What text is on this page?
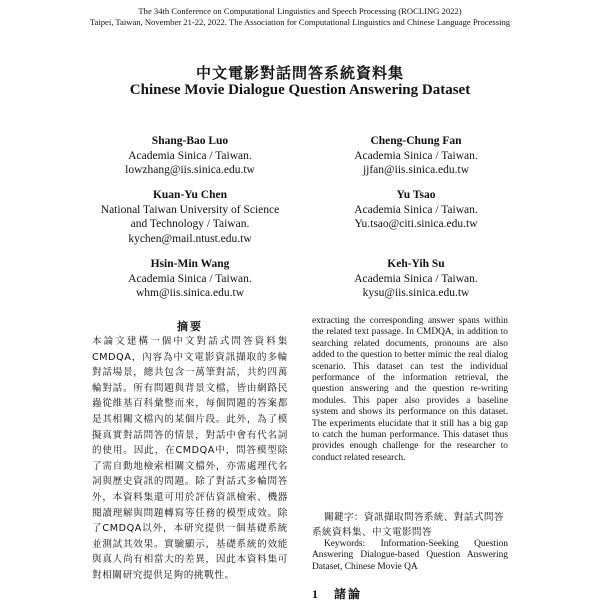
The 34th Conference on Computational Linguistics and Speech Processing (ROCLING 2022)
Taipei, Taiwan, November 21-22, 2022. The Association for Computational Linguistics and Chinese Language Processing
中文電影對話問答系統資料集
Chinese Movie Dialogue Question Answering Dataset
Shang-Bao Luo
Academia Sinica / Taiwan.
lowzhang@iis.sinica.edu.tw
Cheng-Chung Fan
Academia Sinica / Taiwan.
jjfan@iis.sinica.edu.tw
Kuan-Yu Chen
National Taiwan University of Science
and Technology / Taiwan.
kychen@mail.ntust.edu.tw
Yu Tsao
Academia Sinica / Taiwan.
Yu.tsao@citi.sinica.edu.tw
Hsin-Min Wang
Academia Sinica / Taiwan.
whm@iis.sinica.edu.tw
Keh-Yih Su
Academia Sinica / Taiwan.
kysu@iis.sinica.edu.tw
摘要
本論文建構一個中文對話式問答資料集CMDQA，內容為中文電影資訊擷取的多輪對話場景，總共包含一萬筆對話，共約四萬輪對話。所有問題與背景文檔，皆由網路民蟲從維基百科彙整而來，每個問題的答案都是其相關文檔內的某個片段。此外，為了模擬真實對話問答的情景，對話中會有代名詞的使用。因此，在CMDQA中，問答模型除了需自動地檢索相關文檔外，亦需處理代名詞與歷史資訊的問題。除了對話式多輪問答外，本資料集還可用於評估資訊檢索、機器閱讀理解與問題轉寫等任務的模型成效。除了CMDQA以外，本研究提供一個基礎系統並測試其效果。實驗顯示，基礎系統的效能與真人尚有相當大的差異，因此本資料集可對相關研究提供足夠的挑戰性。
extracting the corresponding answer spans within the related text passage. In CMDQA, in addition to searching related documents, pronouns are also added to the question to better mimic the real dialog scenario. This dataset can test the individual performance of the information retrieval, the question answering and the question re-writing modules. This paper also provides a baseline system and shows its performance on this dataset. The experiments elucidate that it still has a big gap to catch the human performance. This dataset thus provides enough challenge for the researcher to conduct related research.
關鍵字：資訊擷取問答系統、對話式問答系統資料集、中文電影問答
Keywords: Information-Seeking Question Answering Dialogue-based Question Answering Dataset, Chinese Movie QA
1 諸論
